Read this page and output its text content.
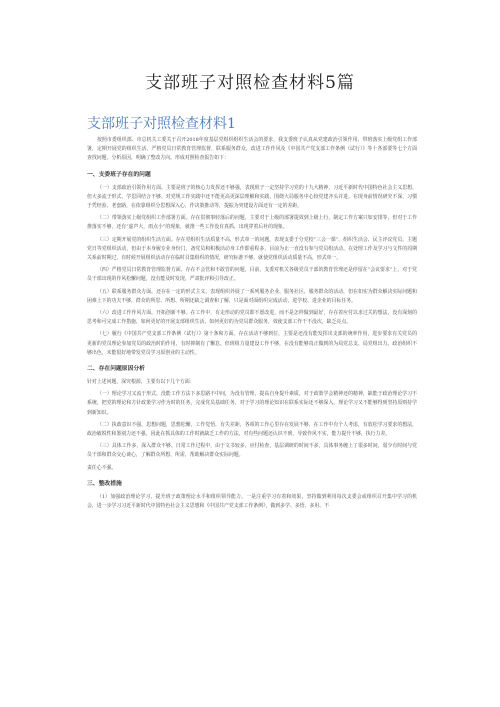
支部班子对照检查材料5篇
支部班子对照检查材料1

按照市委组织部、市总机关工委关于召开2018年度基层党组织组织生活会的要求，我支委班子认真从党建政治引领作用、带班落实上级党组工作部署，定期开展党的组织生活，严格党员日常教育管理监督，联系服务群众，改进工作作风及《中国共产党支部工作条例（试行）》等十各部要等七个方面查找问题，分析原因，明确了整改方向。形成对照检查报告如下：

一、支委班子存在的问题

（一）支部政治引领作用方面。主要是班子的核心力发挥还不够强，表现班子一定坚持学习党的十九大精神，习近平新时代中国特色社会主义思想，但大多流于形式，学思同结合不够。对党规工作实践中还不能更高更深层理解和实践，围绕大局服务中心较党建齐头并进，在现身前情况研究不深，习惯于凭经验、老套路，在依靠组织分思想深入心，作决策推动等，提振为突建设方面还有一定的差距。

（二）带领落实上级党组织工作部署方面。存在贯彻事轻落后的问题，主要对于上级的部署提效到上级上行，制定工作方案只如安排等，但对于工作推落实不够，还有“虚声大，雨点小”的现象，就推一些工作没有真抓，出现穿着后补的现象。

（三）定期开展党的组织生活方面。存在党组织生活质量不高、形式单一的问题。表现支委于分党校“三会一课”、组织生活会、民主评议党员、主题党日等党组织活动，但由于本身履专业身份门，备党员和积极活动身工作即重程多，目前为止一直没有参与党员组活动。在处理工作及学习与文件的周期关系前时期过，有时候开展组织活动存在临时召集组织的情况，研究标准不够，就使党组织活动质量不高，形式单一。

（四）严格党员日常教育管理监督方面。存在不会管和不敢管的问题，目前，支委对机关各级党员干部的教育管理还是停留在“会议要求”上，对于党员干部出现的作风松懈问题，没有能及时发现，严肃批评和引导改正。

（五）联系服务群众方面。还存在一定的形式主义，表现组织外展了一系列服务企业、服务社区、服务群众的活动，但在如实为群众解决实际问题和困难上下的功夫不够，群众的所思、所想、所期还缺之调查和了解，只是面对面组织完成活动，进学校、进企业的目标任务。

（六）改进工作作风方面。开拓创新不够。在工作中，有走形动的党员即不愿改进，而不是怎样做到最好，存在着应付以求过关的想法，没有深刻的思考和可完成工作措施，如何更好的开展支部组织生活，如何更好的为党员群众服务，效使支部工作干不没次，缺乏亮点。

（七）履行《中国共产党支部工作条例（试行）》第十条和方面。存在活动不够到位，主要是还没有能发挥出支部的统率作用，进步要求有关党员的更新的党员理论参加党员的政治时的作用，有时抑制有了懈怠，但班组力量建设工作不够，在没有能够真正做到的为局党总支、局党组出力。政治组织不够出色，未能很好地带发党员学习原创业的主动性。

二、存在问题原因分析

针对上述问题，深究根源，主要有以下几个方面：

（一）理论学习又流于形式，没能工作方法下多思路不中间，为没有管理，提高自身提升素质，对于政策学会精神还的精神，缺能于政治理论学习不系统，把党的理论和方针政策学习作为时的任务，完成党员基础任务，对于学习的理论知识在联系实际还不够深入，理论学习又不能够得到坚持原则持学到新知识。

（二）执政意识不强。思想问题，思想松懈，工作觉悟，有失差距，各项的工作心里存在发展不够，在工作中有个人考虑，有放松学习要求的想法，政治敏锐性和鉴别力还不强，因此在抓具体的工作时就缺乏工作的方法，对有些问题还认识不到，导致作风不实，能力提升不够，执行力差。

（三）具体工作多，深入群众不够。日常工作过程中，由于文书较多，应付检查，基层调研的时间不多，具体事务缠上了很多时间，弱少有时间与党员干部和群众交心谈心，了解群众所想，所需，帮助解决群众实际问题。

责任心不强。

三、整改措施

（1）加强政治理论学习，提升班子政策理论水平和组织领导能力。一是注重学习有着和效果，坚持做到利用每次支委会或组织召开集中学习的机会，进一步学习习近平新时代中国特色社会主义思想和《中国共产党支部工作条例》，做到多学、多悟、多用、不
